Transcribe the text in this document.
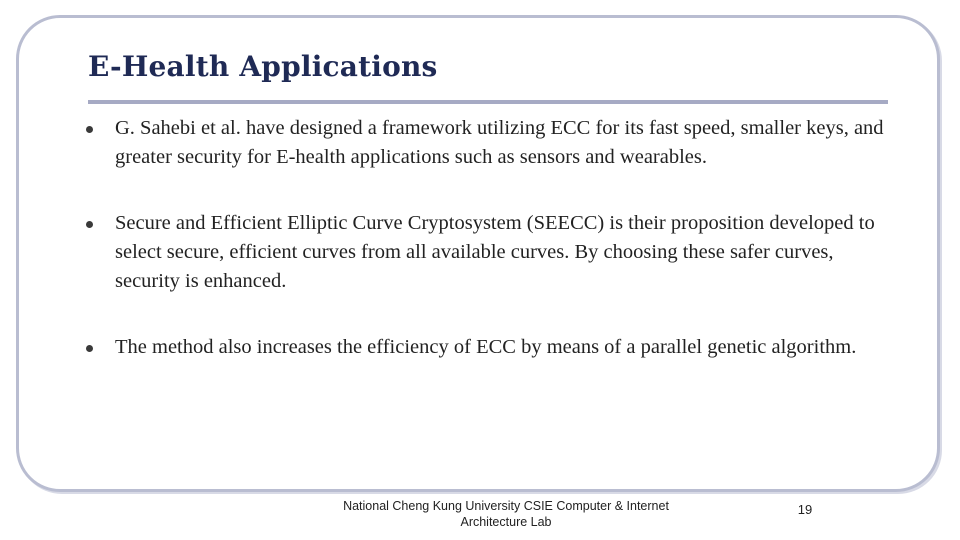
E-Health Applications
G. Sahebi et al. have designed a framework utilizing ECC for its fast speed, smaller keys, and greater security for E-health applications such as sensors and wearables.
Secure and Efficient Elliptic Curve Cryptosystem (SEECC) is their proposition developed to select secure, efficient curves from all available curves. By choosing these safer curves, security is enhanced.
The method also increases the efficiency of ECC by means of a parallel genetic algorithm.
National Cheng Kung University CSIE Computer & Internet Architecture Lab
19
